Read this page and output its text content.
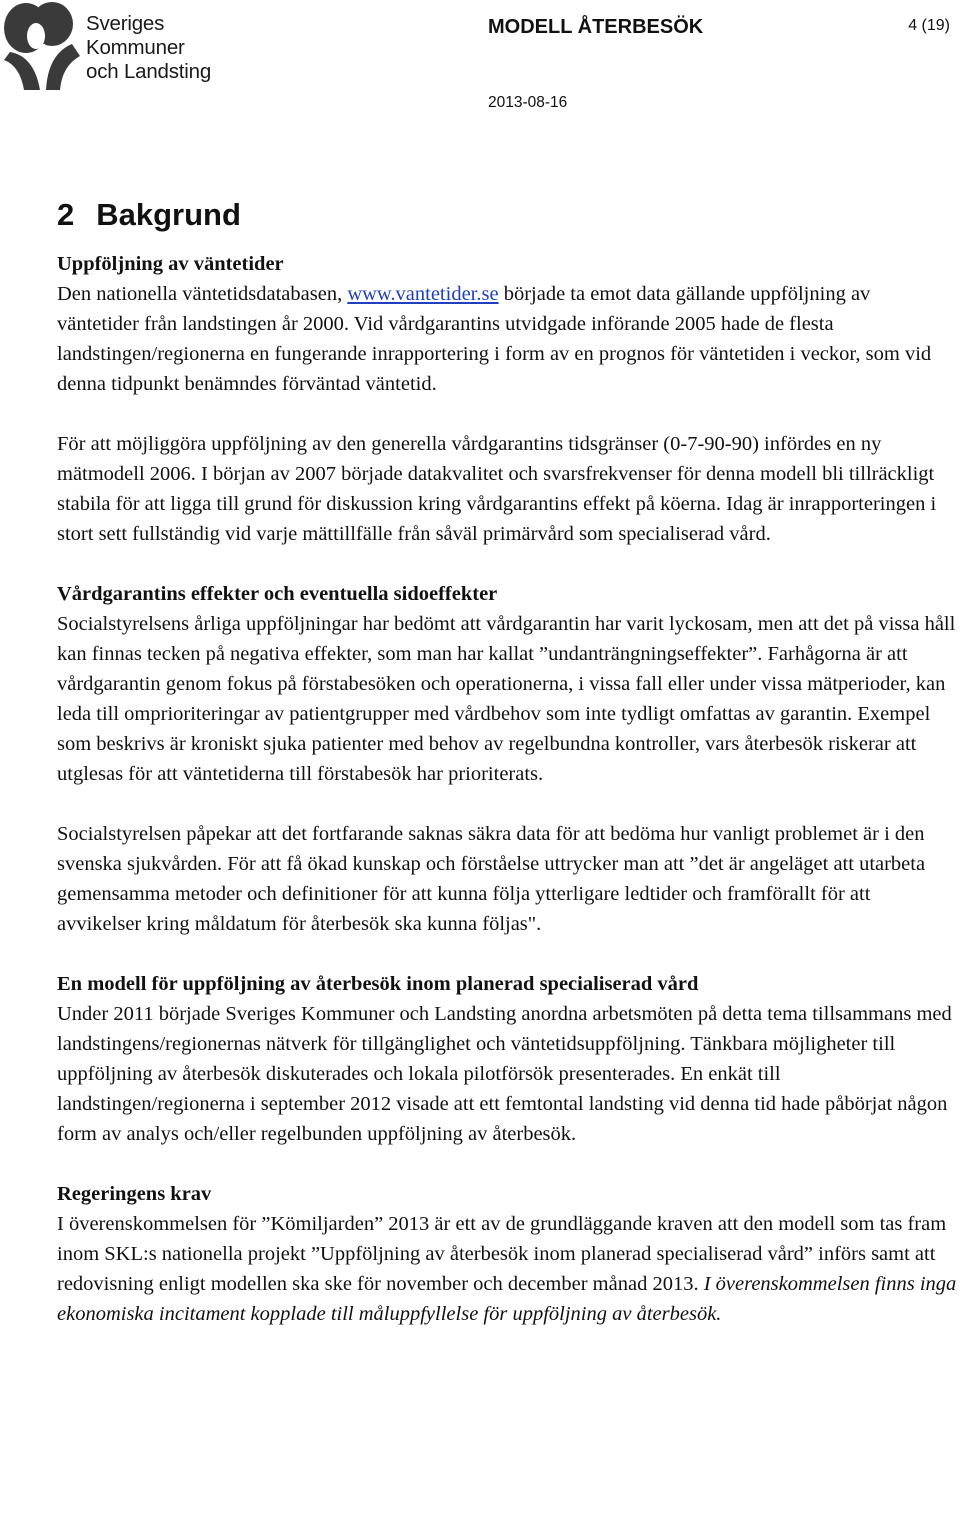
Sveriges
Kommuner
och Landsting
MODELL ÅTERBESÖK	4 (19)
2013-08-16
2 Bakgrund
Uppföljning av väntetider

Den nationella väntetidsdatabasen, www.vantetider.se började ta emot data gällande uppföljning av väntetider från landstingen år 2000. Vid vårdgarantins utvidgade införande 2005 hade de flesta landstingen/regionerna en fungerande inrapportering i form av en prognos för väntetiden i veckor, som vid denna tidpunkt benämndes förväntad väntetid.

För att möjliggöra uppföljning av den generella vårdgarantins tidsgränser (0-7-90-90) infördes en ny mätmodell 2006. I början av 2007 började datakvalitet och svarsfrekvenser för denna modell bli tillräckligt stabila för att ligga till grund för diskussion kring vårdgarantins effekt på köerna. Idag är inrapporteringen i stort sett fullständig vid varje mättillfälle från såväl primärvård som specialiserad vård.

Vårdgarantins effekter och eventuella sidoeffekter

Socialstyrelsens årliga uppföljningar har bedömt att vårdgarantin har varit lyckosam, men att det på vissa håll kan finnas tecken på negativa effekter, som man har kallat ”undanträngningseffekter”. Farhågorna är att vårdgarantin genom fokus på förstabesöken och operationerna, i vissa fall eller under vissa mätperioder, kan leda till omprioriteringar av patientgrupper med vårdbehov som inte tydligt omfattas av garantin. Exempel som beskrivs är kroniskt sjuka patienter med behov av regelbundna kontroller, vars återbesök riskerar att utglesas för att väntetiderna till förstabesök har prioriterats.

Socialstyrelsen påpekar att det fortfarande saknas säkra data för att bedöma hur vanligt problemet är i den svenska sjukvården. För att få ökad kunskap och förståelse uttrycker man att ”det är angeläget att utarbeta gemensamma metoder och definitioner för att kunna följa ytterligare ledtider och framförallt för att avvikelser kring måldatum för återbesök ska kunna följas".

En modell för uppföljning av återbesök inom planerad specialiserad vård

Under 2011 började Sveriges Kommuner och Landsting anordna arbetsmöten på detta tema tillsammans med landstingens/regionernas nätverk för tillgänglighet och väntetidsuppföljning. Tänkbara möjligheter till uppföljning av återbesök diskuterades och lokala pilotförsök presenterades. En enkät till landstingen/regionerna i september 2012 visade att ett femtontal landsting vid denna tid hade påbörjat någon form av analys och/eller regelbunden uppföljning av återbesök.

Regeringens krav

I överenskommelsen för ”Kömiljarden” 2013 är ett av de grundläggande kraven att den modell som tas fram inom SKL:s nationella projekt ”Uppföljning av återbesök inom planerad specialiserad vård” införs samt att redovisning enligt modellen ska ske för november och december månad 2013. I överenskommelsen finns inga ekonomiska incitament kopplade till måluppfyllelse för uppföljning av återbesök.
